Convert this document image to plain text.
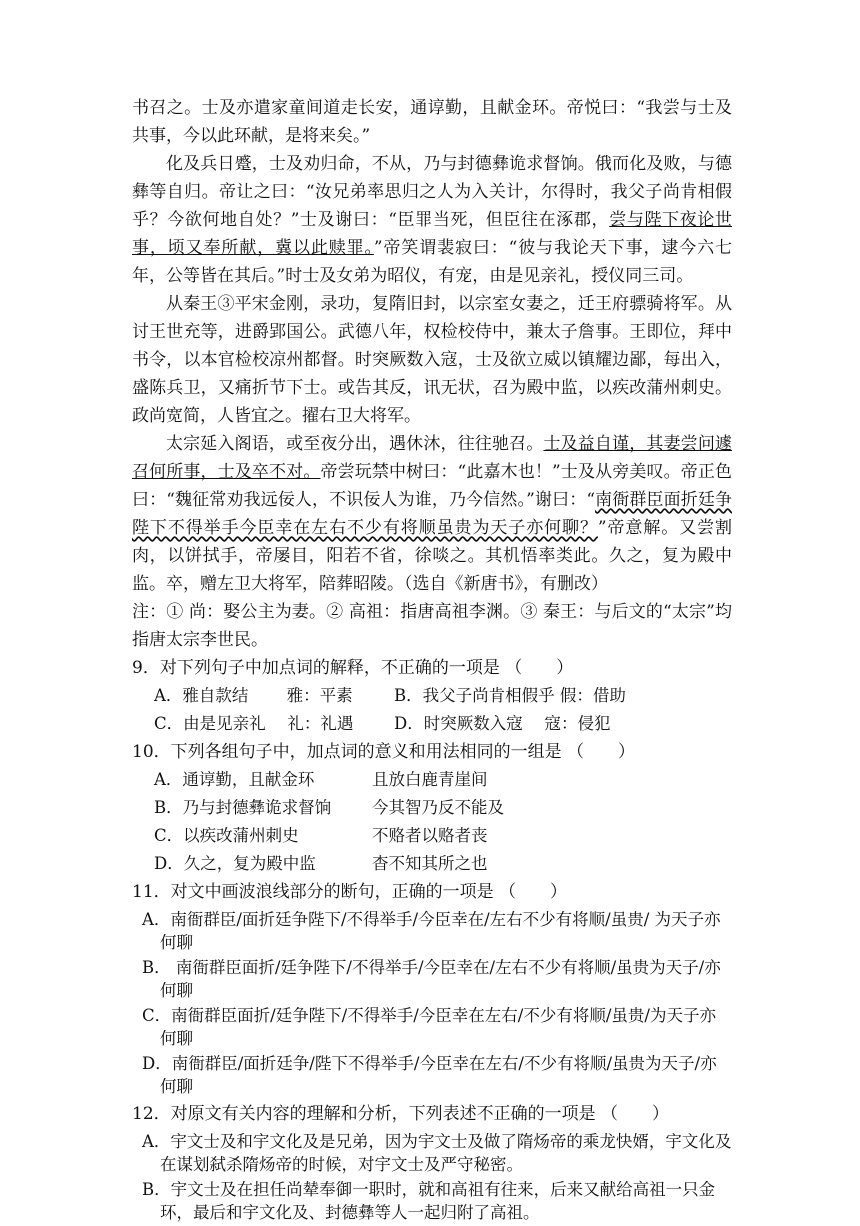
书召之。士及亦遣家童间道走长安，通谆勤，且献金环。帝悦曰：“我尝与士及共事，今以此环献，是将来矣。”

化及兵日蹙，士及劝归命，不从，乃与封德彝诡求督饷。俄而化及败，与德彝等自归。帝让之曰：“汝兄弟率思归之人为入关计，尔得时，我父子尚肯相假乎？今欲何地自处？”士及谢曰：“臣罪当死，但臣往在涿郡，尝与陛下夜论世事，顷又奉所献，冀以此赎罪。”帝笑谓裴寂曰：“彼与我论天下事，逮今六七年，公等皆在其后。”时士及女弟为昭仪，有宠，由是见亲礼，授仪同三司。

从秦王③平宋金刚，录功，复隋旧封，以宗室女妻之，迁王府骠骑将军。从讨王世充等，进爵郢国公。武德八年，权检校侍中，兼太子詹事。王即位，拜中书令，以本官检校凉州都督。时突厥数入寇，士及欲立威以镇耀边鄙，每出入，盛陈兵卫，又痛折节下士。或告其反，讯无状，召为殿中监，以疾改蒲州刺史。政尚宽简，人皆宜之。擢右卫大将军。

太宗延入阁语，或至夜分出，遇休沐，往往驰召。士及益自谨，其妻尝问遽召何所事，士及卒不对。帝尝玩禁中树曰：“此嘉木也！”士及从旁美叹。帝正色曰：“魏征常劝我远佞人，不识佞人为谁，乃今信然。”谢曰：“南衙群臣面折廷争陛下不得举手今臣幸在左右不少有将顺虽贵为天子亦何聊？”帝意解。又尝割肉，以饼拭手，帝屡目，阳若不省，徐啖之。其机悟率类此。久之，复为殿中监。卒，赠左卫大将军，陪葬昭陵。（选自《新唐书》，有删改）

注：① 尚：娶公主为妻。② 高祖：指唐高祖李渊。③ 秦王：与后文的“太宗”均指唐太宗李世民。

9．对下列句子中加点词的解释，不正确的一项是 （　　）

A．雅自款结　　 雅：平素	B．我父子尚肯相假乎 假：借助
C．由是见亲礼　 礼：礼遇	D．时突厥数入寇　 寇：侵犯

10．下列各组句子中，加点词的意义和用法相同的一组是 （　　）

A．通谆勤，且献金环	且放白鹿青崖间
B．乃与封德彝诡求督饷	今其智乃反不能及
C．以疾改蒲州刺史	不赂者以赂者丧
D．久之，复为殿中监	杳不知其所之也

11．对文中画波浪线部分的断句，正确的一项是 （　　）

A．南衙群臣/面折廷争陛下/不得举手/今臣幸在/左右不少有将顺/虽贵/ 为天子亦何聊

B． 南衙群臣面折/廷争陛下/不得举手/今臣幸在/左右不少有将顺/虽贵为天子/亦何聊

C．南衙群臣面折/廷争陛下/不得举手/今臣幸在左右/不少有将顺/虽贵/为天子亦何聊

D．南衙群臣/面折廷争/陛下不得举手/今臣幸在左右/不少有将顺/虽贵为天子/亦何聊

12．对原文有关内容的理解和分析，下列表述不正确的一项是 （　　）

A．宇文士及和宇文化及是兄弟，因为宇文士及做了隋炀帝的乘龙快婿，宇文化及在谋划弑杀隋炀帝的时候，对宇文士及严守秘密。

B．宇文士及在担任尚辇奉御一职时，就和高祖有往来，后来又献给高祖一只金环，最后和宇文化及、封德彝等人一起归附了高祖。
